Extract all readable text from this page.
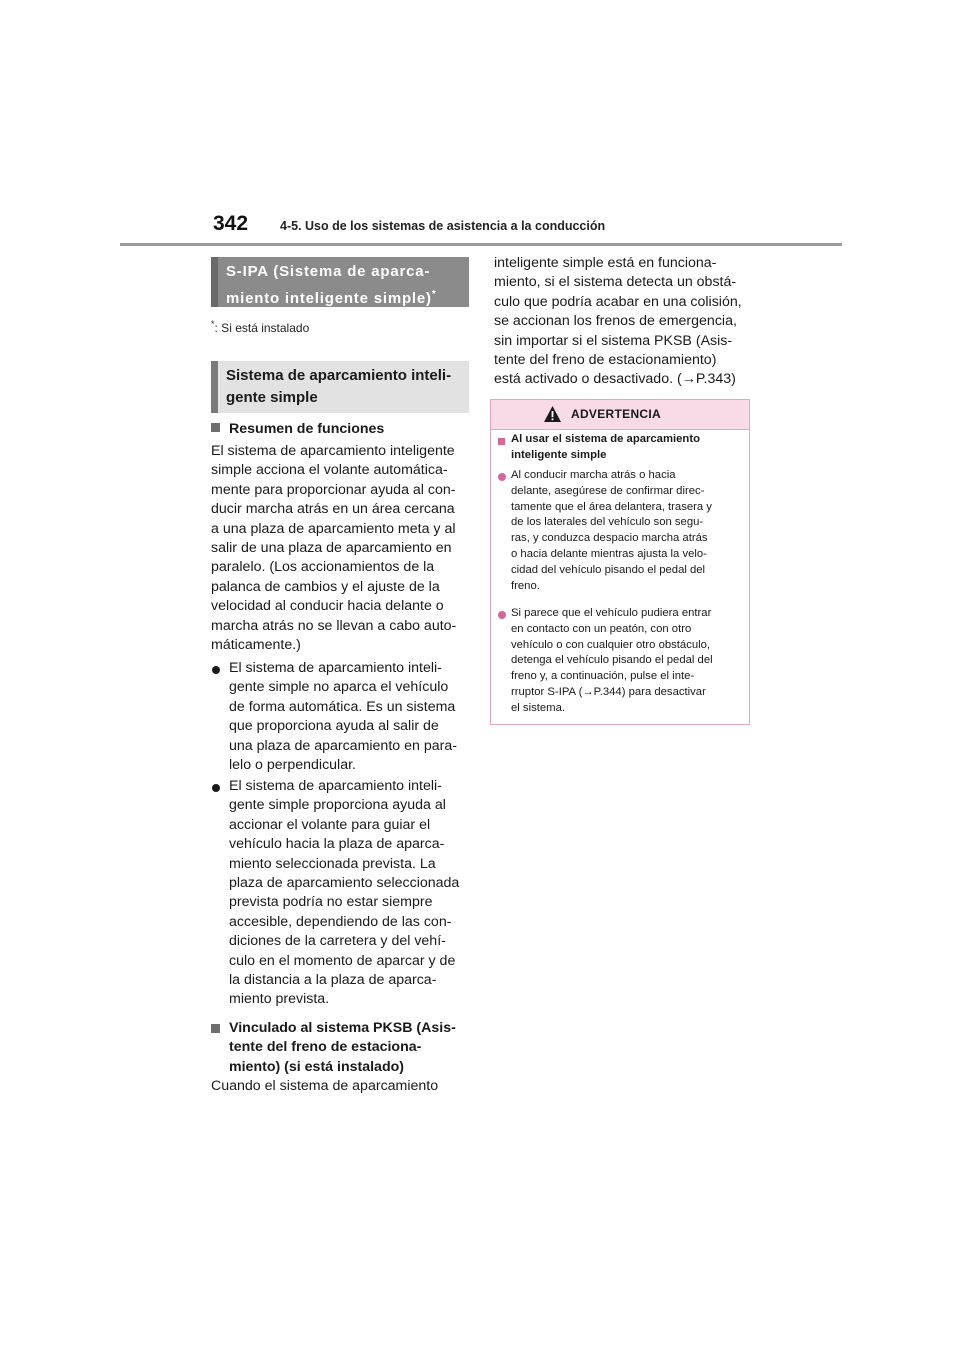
342	4-5. Uso de los sistemas de asistencia a la conducción
S-IPA (Sistema de aparca-
miento inteligente simple)*
*: Si está instalado
Sistema de aparcamiento inteli-
gente simple
Resumen de funciones
El sistema de aparcamiento inteligente
simple acciona el volante automática-
mente para proporcionar ayuda al con-
ducir marcha atrás en un área cercana
a una plaza de aparcamiento meta y al
salir de una plaza de aparcamiento en
paralelo. (Los accionamientos de la
palanca de cambios y el ajuste de la
velocidad al conducir hacia delante o
marcha atrás no se llevan a cabo auto-
máticamente.)
El sistema de aparcamiento inteli-
gente simple no aparca el vehículo
de forma automática. Es un sistema
que proporciona ayuda al salir de
una plaza de aparcamiento en para-
lelo o perpendicular.
El sistema de aparcamiento inteli-
gente simple proporciona ayuda al
accionar el volante para guiar el
vehículo hacia la plaza de aparca-
miento seleccionada prevista. La
plaza de aparcamiento seleccionada
prevista podría no estar siempre
accesible, dependiendo de las con-
diciones de la carretera y del vehí-
culo en el momento de aparcar y de
la distancia a la plaza de aparca-
miento prevista.
Vinculado al sistema PKSB (Asis-
tente del freno de estaciona-
miento) (si está instalado)
Cuando el sistema de aparcamiento
inteligente simple está en funciona-
miento, si el sistema detecta un obstá-
culo que podría acabar en una colisión,
se accionan los frenos de emergencia,
sin importar si el sistema PKSB (Asis-
tente del freno de estacionamiento)
está activado o desactivado. (→P.343)
ADVERTENCIA
Al usar el sistema de aparcamiento
inteligente simple
Al conducir marcha atrás o hacia
delante, asegúrese de confirmar direc-
tamente que el área delantera, trasera y
de los laterales del vehículo son segu-
ras, y conduzca despacio marcha atrás
o hacia delante mientras ajusta la velo-
cidad del vehículo pisando el pedal del
freno.
Si parece que el vehículo pudiera entrar
en contacto con un peatón, con otro
vehículo o con cualquier otro obstáculo,
detenga el vehículo pisando el pedal del
freno y, a continuación, pulse el inte-
rruptor S-IPA (→P.344) para desactivar
el sistema.
